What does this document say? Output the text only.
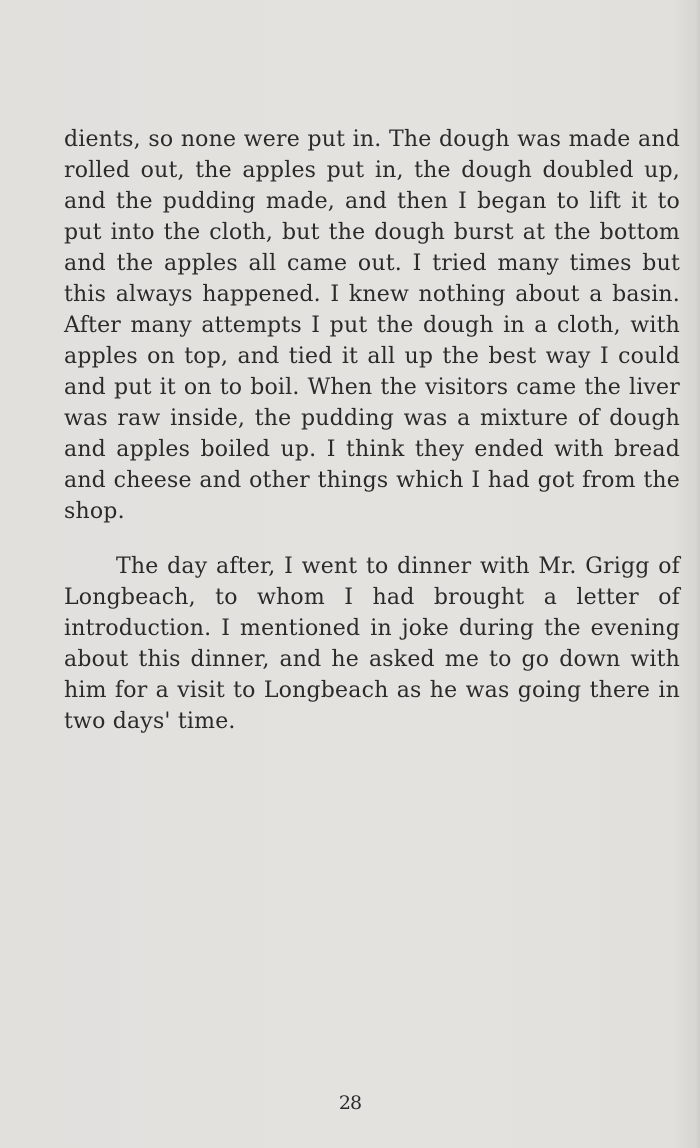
dients, so none were put in. The dough was made and rolled out, the apples put in, the dough doubled up, and the pudding made, and then I began to lift it to put into the cloth, but the dough burst at the bottom and the apples all came out. I tried many times but this always happened. I knew nothing about a basin. After many attempts I put the dough in a cloth, with apples on top, and tied it all up the best way I could and put it on to boil. When the visitors came the liver was raw inside, the pudding was a mixture of dough and apples boiled up. I think they ended with bread and cheese and other things which I had got from the shop.

The day after, I went to dinner with Mr. Grigg of Longbeach, to whom I had brought a letter of introduction. I mentioned in joke during the evening about this dinner, and he asked me to go down with him for a visit to Longbeach as he was going there in two days' time.

28
